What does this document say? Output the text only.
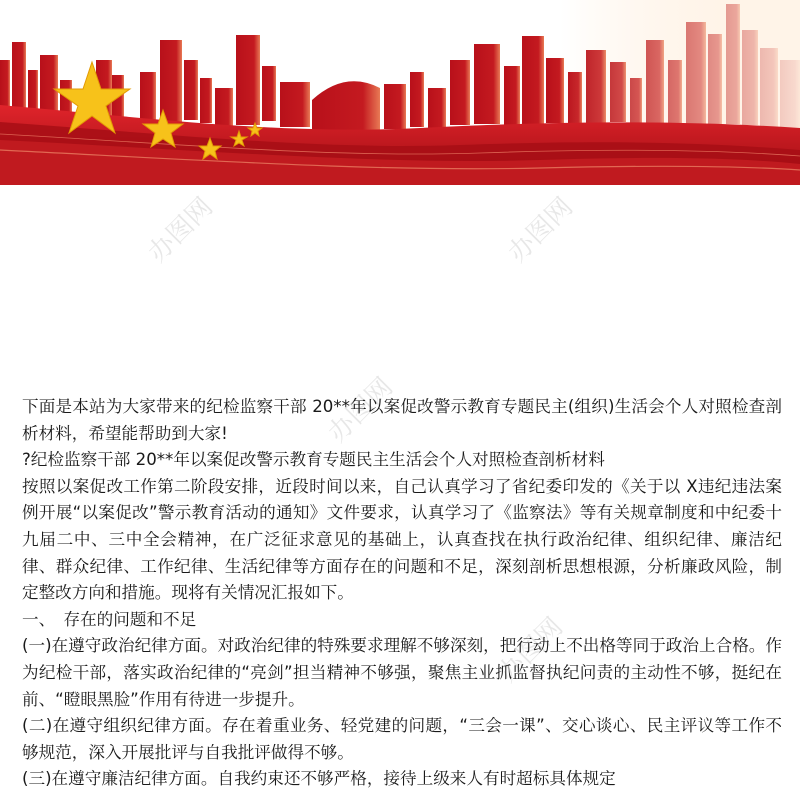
办图网	办图网
办图网
办图网

下面是本站为大家带来的纪检监察干部 20**年以案促改警示教育专题民主(组织)生活会个人对照检查剖析材料，希望能帮助到大家!

?纪检监察干部 20**年以案促改警示教育专题民主生活会个人对照检查剖析材料

按照以案促改工作第二阶段安排，近段时间以来，自己认真学习了省纪委印发的《关于以 X违纪违法案例开展“以案促改”警示教育活动的通知》文件要求，认真学习了《监察法》等有关规章制度和中纪委十九届二中、三中全会精神，在广泛征求意见的基础上，认真查找在执行政治纪律、组织纪律、廉洁纪律、群众纪律、工作纪律、生活纪律等方面存在的问题和不足，深刻剖析思想根源，分析廉政风险，制定整改方向和措施。现将有关情况汇报如下。

一、　存在的问题和不足

(一)在遵守政治纪律方面。对政治纪律的特殊要求理解不够深刻，把行动上不出格等同于政治上合格。作为纪检干部，落实政治纪律的“亮剑”担当精神不够强，聚焦主业抓监督执纪问责的主动性不够，挺纪在前、“瞪眼黑脸”作用有待进一步提升。

(二)在遵守组织纪律方面。存在着重业务、轻党建的问题，“三会一课”、交心谈心、民主评议等工作不够规范，深入开展批评与自我批评做得不够。

(三)在遵守廉洁纪律方面。自我约束还不够严格，接待上级来人有时超标具体规定
